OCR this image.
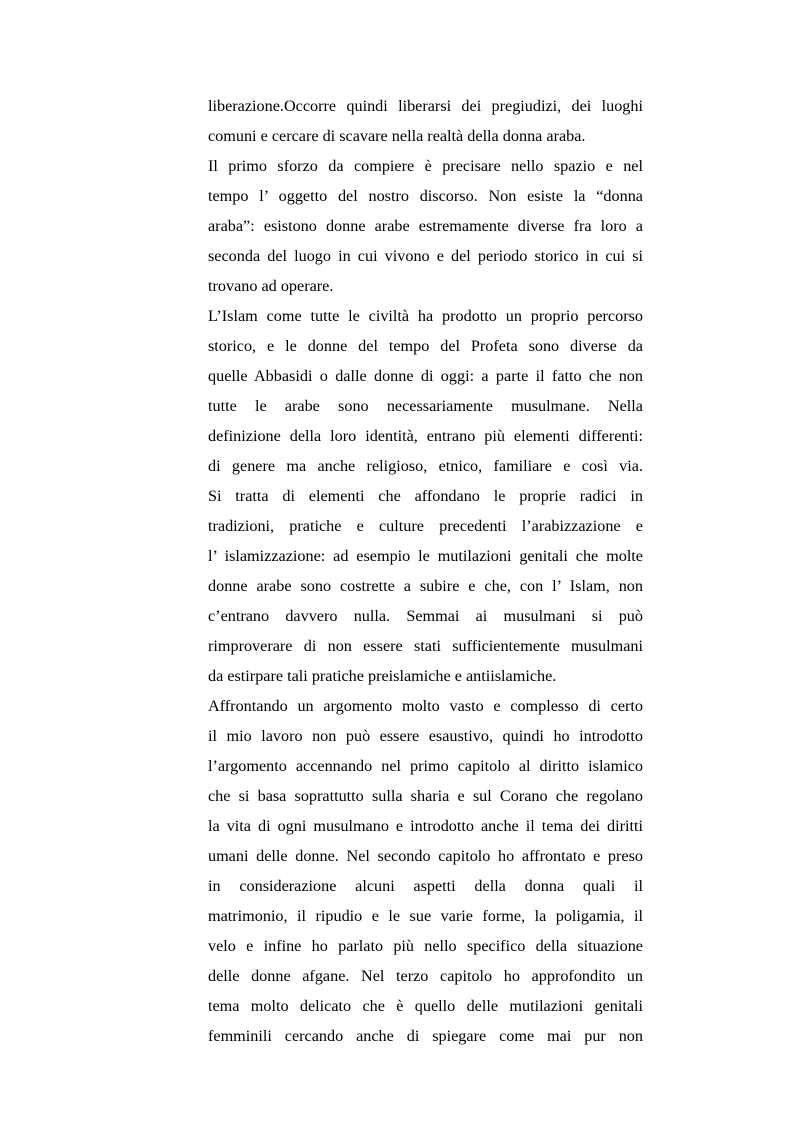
liberazione.Occorre quindi liberarsi dei pregiudizi, dei luoghi
comuni e cercare di scavare nella realtà della donna araba.
Il primo sforzo da compiere è precisare nello spazio e nel
tempo l’ oggetto del nostro discorso. Non esiste la “donna
araba”: esistono donne arabe estremamente diverse fra loro a
seconda del luogo in cui vivono e del periodo storico in cui si
trovano ad operare.
L’Islam come tutte le civiltà ha prodotto un proprio percorso
storico, e le donne del tempo del Profeta sono diverse da
quelle Abbasidi o dalle donne di oggi: a parte il fatto che non
tutte le arabe sono necessariamente musulmane. Nella
definizione della loro identità, entrano più elementi differenti:
di genere ma anche religioso, etnico, familiare e così via.
Si tratta di elementi che affondano le proprie radici in
tradizioni, pratiche e culture precedenti l’arabizzazione e
l’ islamizzazione: ad esempio le mutilazioni genitali che molte
donne arabe sono costrette a subire e che, con l’ Islam, non
c’entrano davvero nulla. Semmai ai musulmani si può
rimproverare di non essere stati sufficientemente musulmani
da estirpare tali pratiche preislamiche e antiislamiche.
Affrontando un argomento molto vasto e complesso di certo
il mio lavoro non può essere esaustivo, quindi ho introdotto
l’argomento accennando nel primo capitolo al diritto islamico
che si basa soprattutto sulla sharia e sul Corano che regolano
la vita di ogni musulmano e introdotto anche il tema dei diritti
umani delle donne. Nel secondo capitolo ho affrontato e preso
in considerazione alcuni aspetti della donna quali il
matrimonio, il ripudio e le sue varie forme, la poligamia, il
velo e infine ho parlato più nello specifico della situazione
delle donne afgane. Nel terzo capitolo ho approfondito un
tema molto delicato che è quello delle mutilazioni genitali
femminili cercando anche di spiegare come mai pur non
